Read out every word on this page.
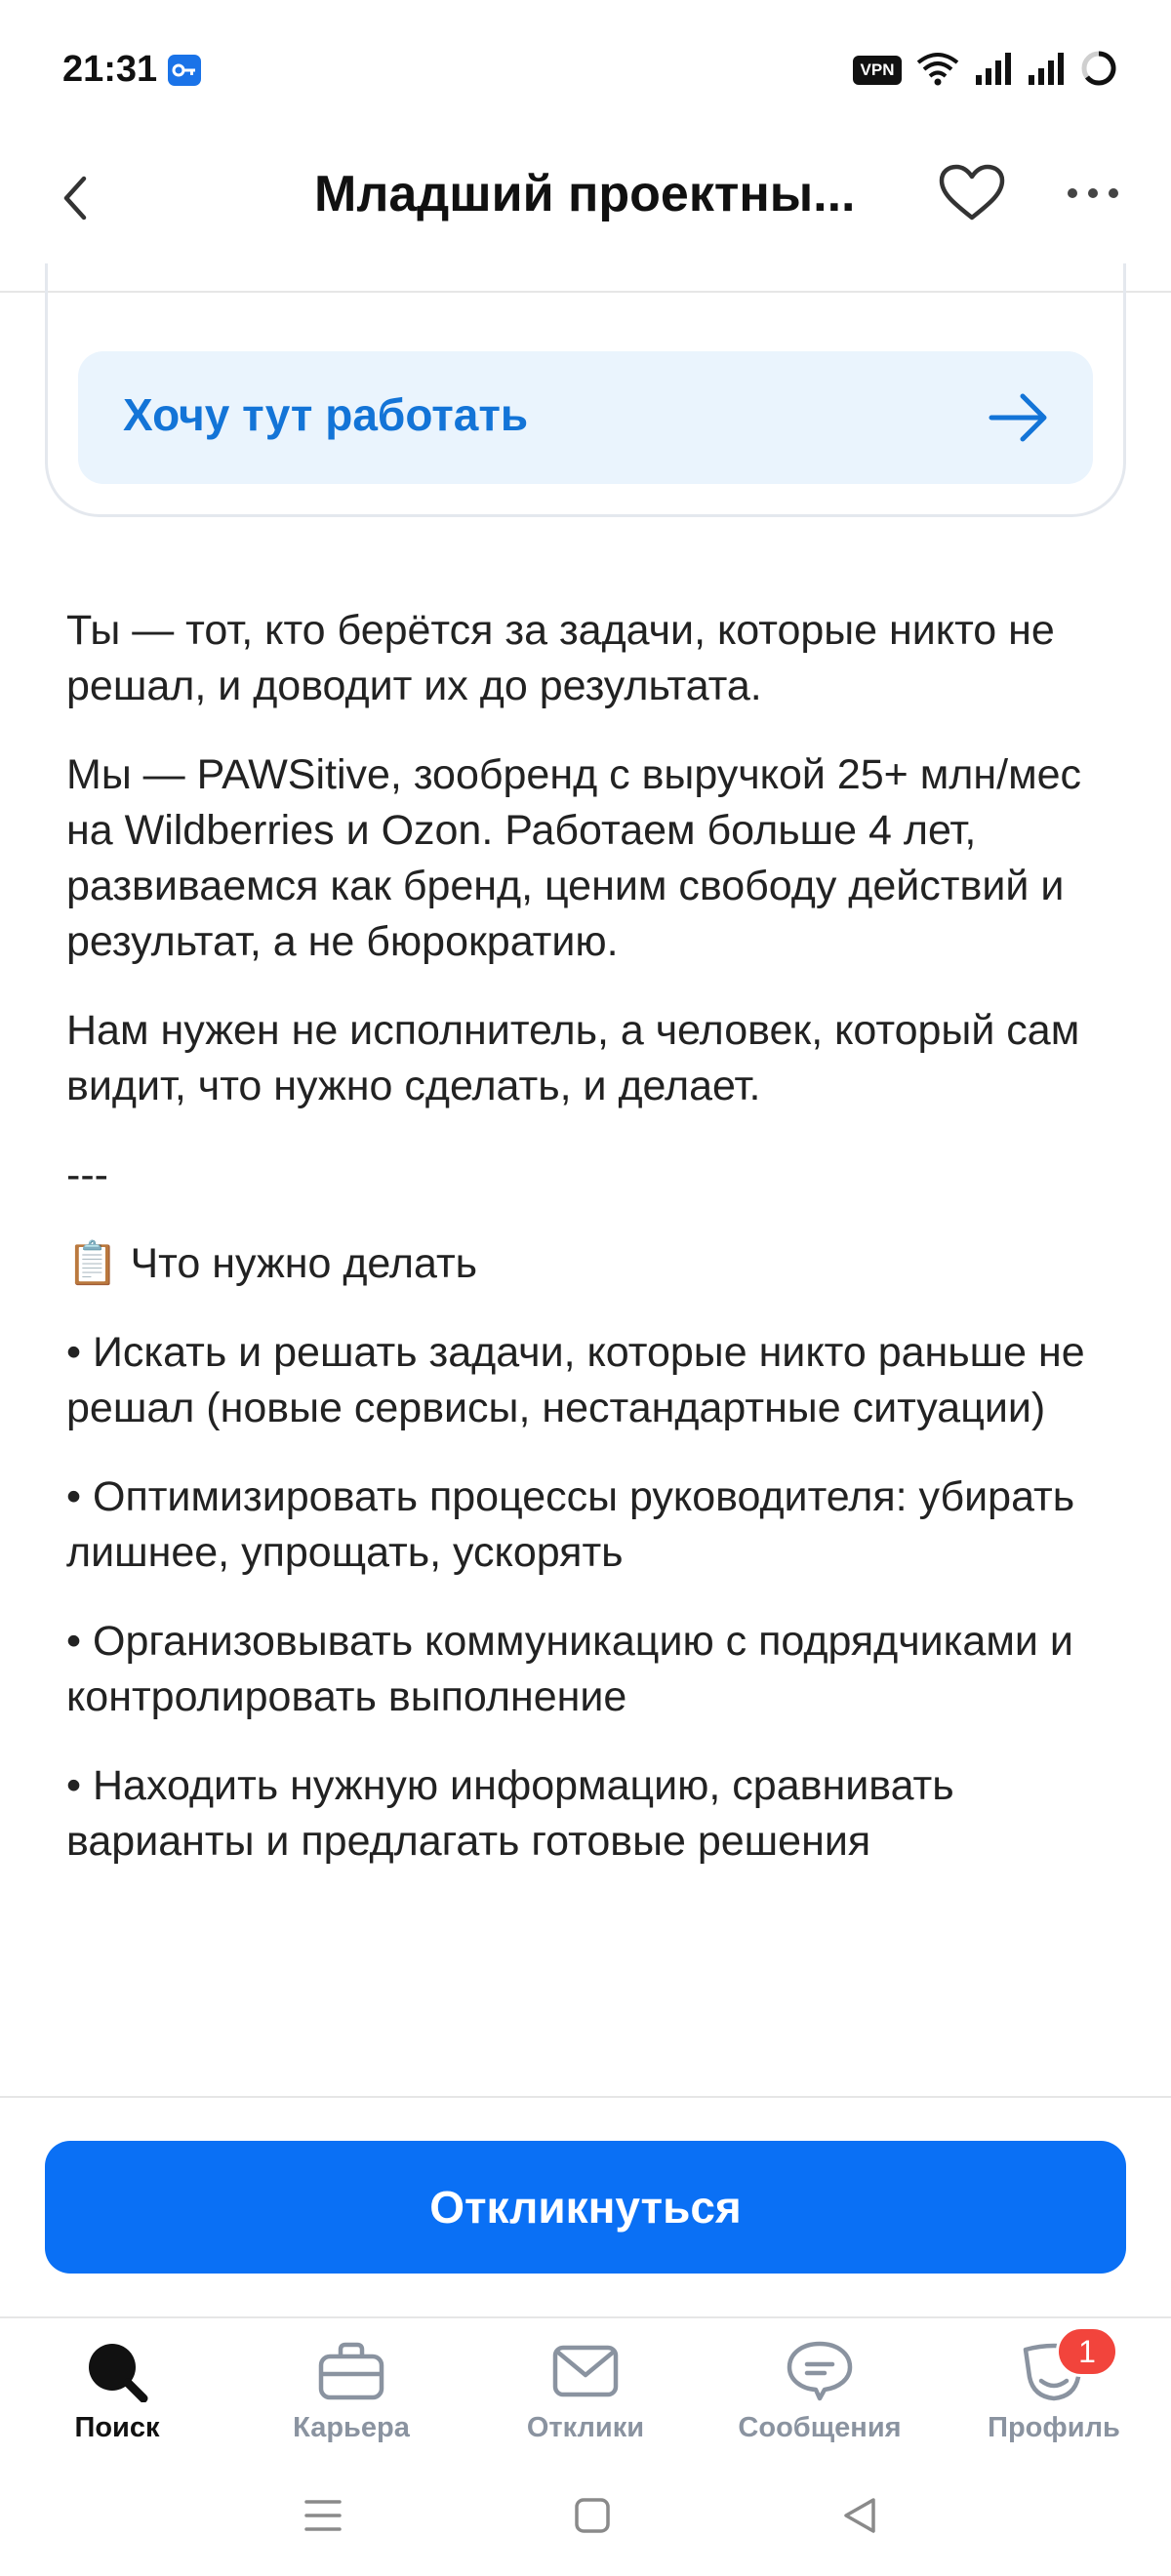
21:31	VPN
Младший проектны...
Хочу тут работать

Ты — тот, кто берётся за задачи, которые никто не решал, и доводит их до результата.

Мы — PAWSitive, зообренд с выручкой 25+ млн/мес на Wildberries и Ozon. Работаем больше 4 лет, развиваемся как бренд, ценим свободу действий и результат, а не бюрократию.

Нам нужен не исполнитель, а человек, который сам видит, что нужно сделать, и делает.

---

📋 Что нужно делать

• Искать и решать задачи, которые никто раньше не решал (новые сервисы, нестандартные ситуации)

• Оптимизировать процессы руководителя: убирать лишнее, упрощать, ускорять

• Организовывать коммуникацию с подрядчиками и контролировать выполнение

• Находить нужную информацию, сравнивать варианты и предлагать готовые решения

Откликнуться
Поиск	Карьера	Отклики	Сообщения	Профиль
1
